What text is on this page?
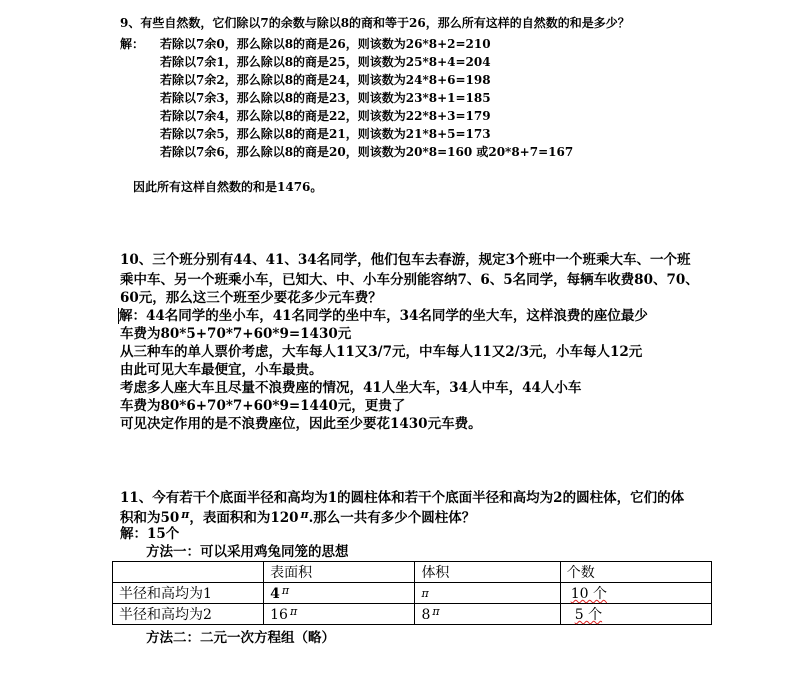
9、有些自然数，它们除以7的余数与除以8的商和等于26，那么所有这样的自然数的和是多少？
解： 若除以7余0，那么除以8的商是26，则该数为26*8+2=210
若除以7余1，那么除以8的商是25，则该数为25*8+4=204
若除以7余2，那么除以8的商是24，则该数为24*8+6=198
若除以7余3，那么除以8的商是23，则该数为23*8+1=185
若除以7余4，那么除以8的商是22，则该数为22*8+3=179
若除以7余5，那么除以8的商是21，则该数为21*8+5=173
若除以7余6，那么除以8的商是20，则该数为20*8=160 或20*8+7=167
因此所有这样自然数的和是1476。
10、三个班分别有44、41、34名同学，他们包车去春游，规定3个班中一个班乘大车、一个班
乘中车、另一个班乘小车，已知大、中、小车分别能容纳7、6、5名同学，每辆车收费80、70、
60元，那么这三个班至少要花多少元车费？
解：44名同学的坐小车，41名同学的坐中车，34名同学的坐大车，这样浪费的座位最少
车费为80*5+70*7+60*9=1430元
从三种车的单人票价考虑，大车每人11又3/7元，中车每人11又2/3元，小车每人12元
由此可见大车最便宜，小车最贵。
考虑多人座大车且尽量不浪费座的情况，41人坐大车，34人中车，44人小车
车费为80*6+70*7+60*9=1440元，更贵了
可见决定作用的是不浪费座位，因此至少要花1430元车费。
11、今有若干个底面半径和高均为1的圆柱体和若干个底面半径和高均为2的圆柱体，它们的体
积和为50 $^\pi$，表面积和为120 $^\pi$.那么一共有多少个圆柱体？
解：15个
方法一：可以采用鸡兔同笼的思想
	表面积	体积	个数
半径和高均为1	4 $^\pi$	π	10 个
半径和高均为2	16 $^\pi$	8 $^\pi$	5 个
方法二：二元一次方程组（略）
